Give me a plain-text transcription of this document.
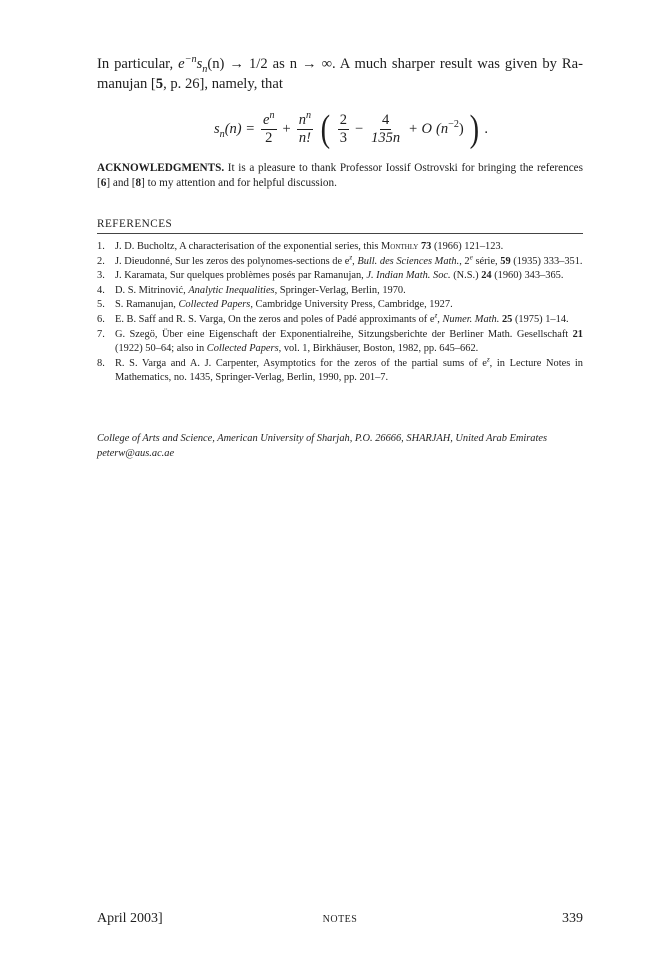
In particular, $e^{-n}s_n(n) \to 1/2$ as n → ∞. A much sharper result was given by Ra-manujan [5, p. 26], namely, that
$s_n(n) = \frac{e^n}{2} + \frac{n^n}{n!}$ ( $\frac{2}{3} - \frac{4}{135n} + O$ $(n^{-2})$ ) .
ACKNOWLEDGMENTS. It is a pleasure to thank Professor Iossif Ostrovski for bringing the references [6] and [8] to my attention and for helpful discussion.
REFERENCES
1. J. D. Bucholtz, A characterisation of the exponential series, this Monthly 73 (1966) 121–123.
2. J. Dieudonné, Sur les zeros des polynomes-sections de $e^z$, Bull. des Sciences Math., 2e série, 59 (1935) 333–351.
3. J. Karamata, Sur quelques problèmes posés par Ramanujan, J. Indian Math. Soc. (N.S.) 24 (1960) 343–365.
4. D. S. Mitrinović, Analytic Inequalities, Springer-Verlag, Berlin, 1970.
5. S. Ramanujan, Collected Papers, Cambridge University Press, Cambridge, 1927.
6. E. B. Saff and R. S. Varga, On the zeros and poles of Padé approximants of $e^z$, Numer. Math. 25 (1975) 1–14.
7. G. Szegö, Über eine Eigenschaft der Exponentialreihe, Sitzungsberichte der Berliner Math. Gesellschaft 21 (1922) 50–64; also in Collected Papers, vol. 1, Birkhäuser, Boston, 1982, pp. 645–662.
8. R. S. Varga and A. J. Carpenter, Asymptotics for the zeros of the partial sums of $e^z$, in Lecture Notes in Mathematics, no. 1435, Springer-Verlag, Berlin, 1990, pp. 201–7.
College of Arts and Science, American University of Sharjah, P.O. 26666, SHARJAH, United Arab Emirates
peterw@aus.ac.ae
April 2003]	NOTES	339
